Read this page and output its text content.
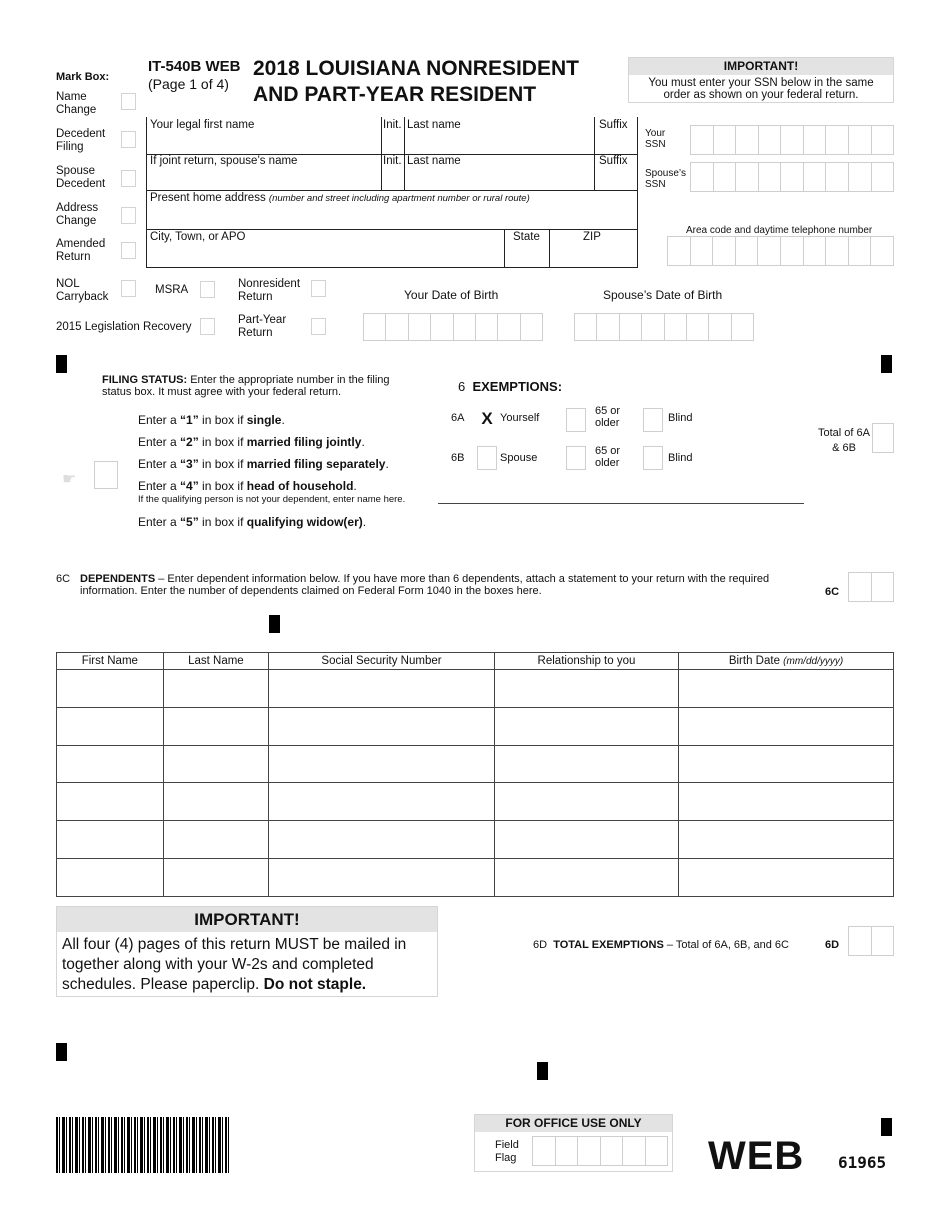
Mark Box:
IT-540B WEB
(Page 1 of 4)
2018 LOUISIANA NONRESIDENT
AND PART-YEAR RESIDENT
IMPORTANT!
You must enter your SSN below in the same order as shown on your federal return.
Name Change
Decedent Filing
Spouse Decedent
Address Change
Amended Return
NOL Carryback
Your legal first name	Init. Last name	Suffix
If joint return, spouse’s name	Init. Last name	Suffix
Present home address (number and street including apartment number or rural route)
City, Town, or APO	State	ZIP
Your SSN
Spouse’s SSN
Area code and daytime telephone number
MSRA	Nonresident Return
2015 Legislation Recovery
Part-Year Return
Your Date of Birth	Spouse’s Date of Birth
FILING STATUS: Enter the appropriate number in the filing status box. It must agree with your federal return.
☛
Enter a “1” in box if single.
Enter a “2” in box if married filing jointly.
Enter a “3” in box if married filing separately.
Enter a “4” in box if head of household.
If the qualifying person is not your dependent, enter name here.
Enter a “5” in box if qualifying widow(er).
6 EXEMPTIONS:
6A X Yourself
65 or older	Blind
6B	Spouse
65 or older	Blind
Total of 6A & 6B
6C DEPENDENTS – Enter dependent information below. If you have more than 6 dependents, attach a statement to your return with the required information. Enter the number of dependents claimed on Federal Form 1040 in the boxes here.	6C
First Name	Last Name	Social Security Number	Relationship to you	Birth Date (mm/dd/yyyy)

IMPORTANT!
All four (4) pages of this return MUST be mailed in together along with your W-2s and completed schedules. Please paperclip. Do not staple.
6D TOTAL EXEMPTIONS – Total of 6A, 6B, and 6C	6D
FOR OFFICE USE ONLY
Field Flag	WEB 61965
